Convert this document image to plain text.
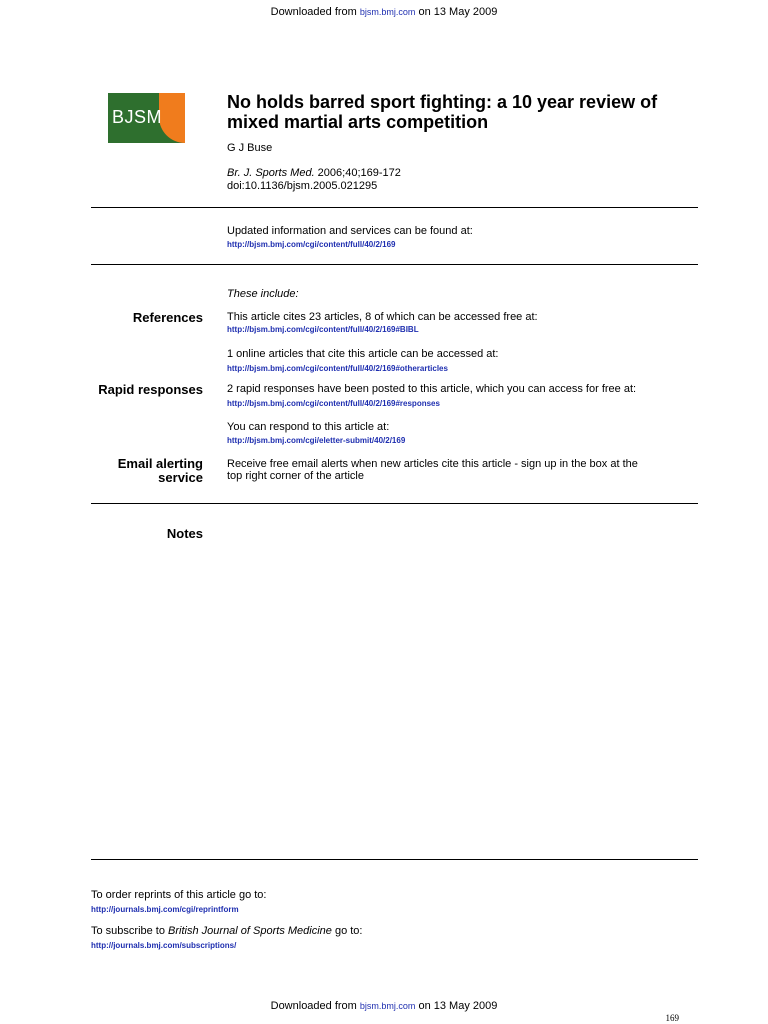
Downloaded from bjsm.bmj.com on 13 May 2009
BJSM
No holds barred sport fighting: a 10 year review of
mixed martial arts competition
G J Buse
Br. J. Sports Med. 2006;40;169-172
doi:10.1136/bjsm.2005.021295
Updated information and services can be found at:
http://bjsm.bmj.com/cgi/content/full/40/2/169
These include:
References This article cites 23 articles, 8 of which can be accessed free at:
http://bjsm.bmj.com/cgi/content/full/40/2/169#BIBL
1 online articles that cite this article can be accessed at:
http://bjsm.bmj.com/cgi/content/full/40/2/169#otherarticles
Rapid responses 2 rapid responses have been posted to this article, which you can access for free at:
http://bjsm.bmj.com/cgi/content/full/40/2/169#responses
You can respond to this article at:
http://bjsm.bmj.com/cgi/eletter-submit/40/2/169
Email alerting
service
Receive free email alerts when new articles cite this article - sign up in the box at the
top right corner of the article
Notes
To order reprints of this article go to:
http://journals.bmj.com/cgi/reprintform
To subscribe to British Journal of Sports Medicine go to:
http://journals.bmj.com/subscriptions/
Downloaded from bjsm.bmj.com on 13 May 2009
169
